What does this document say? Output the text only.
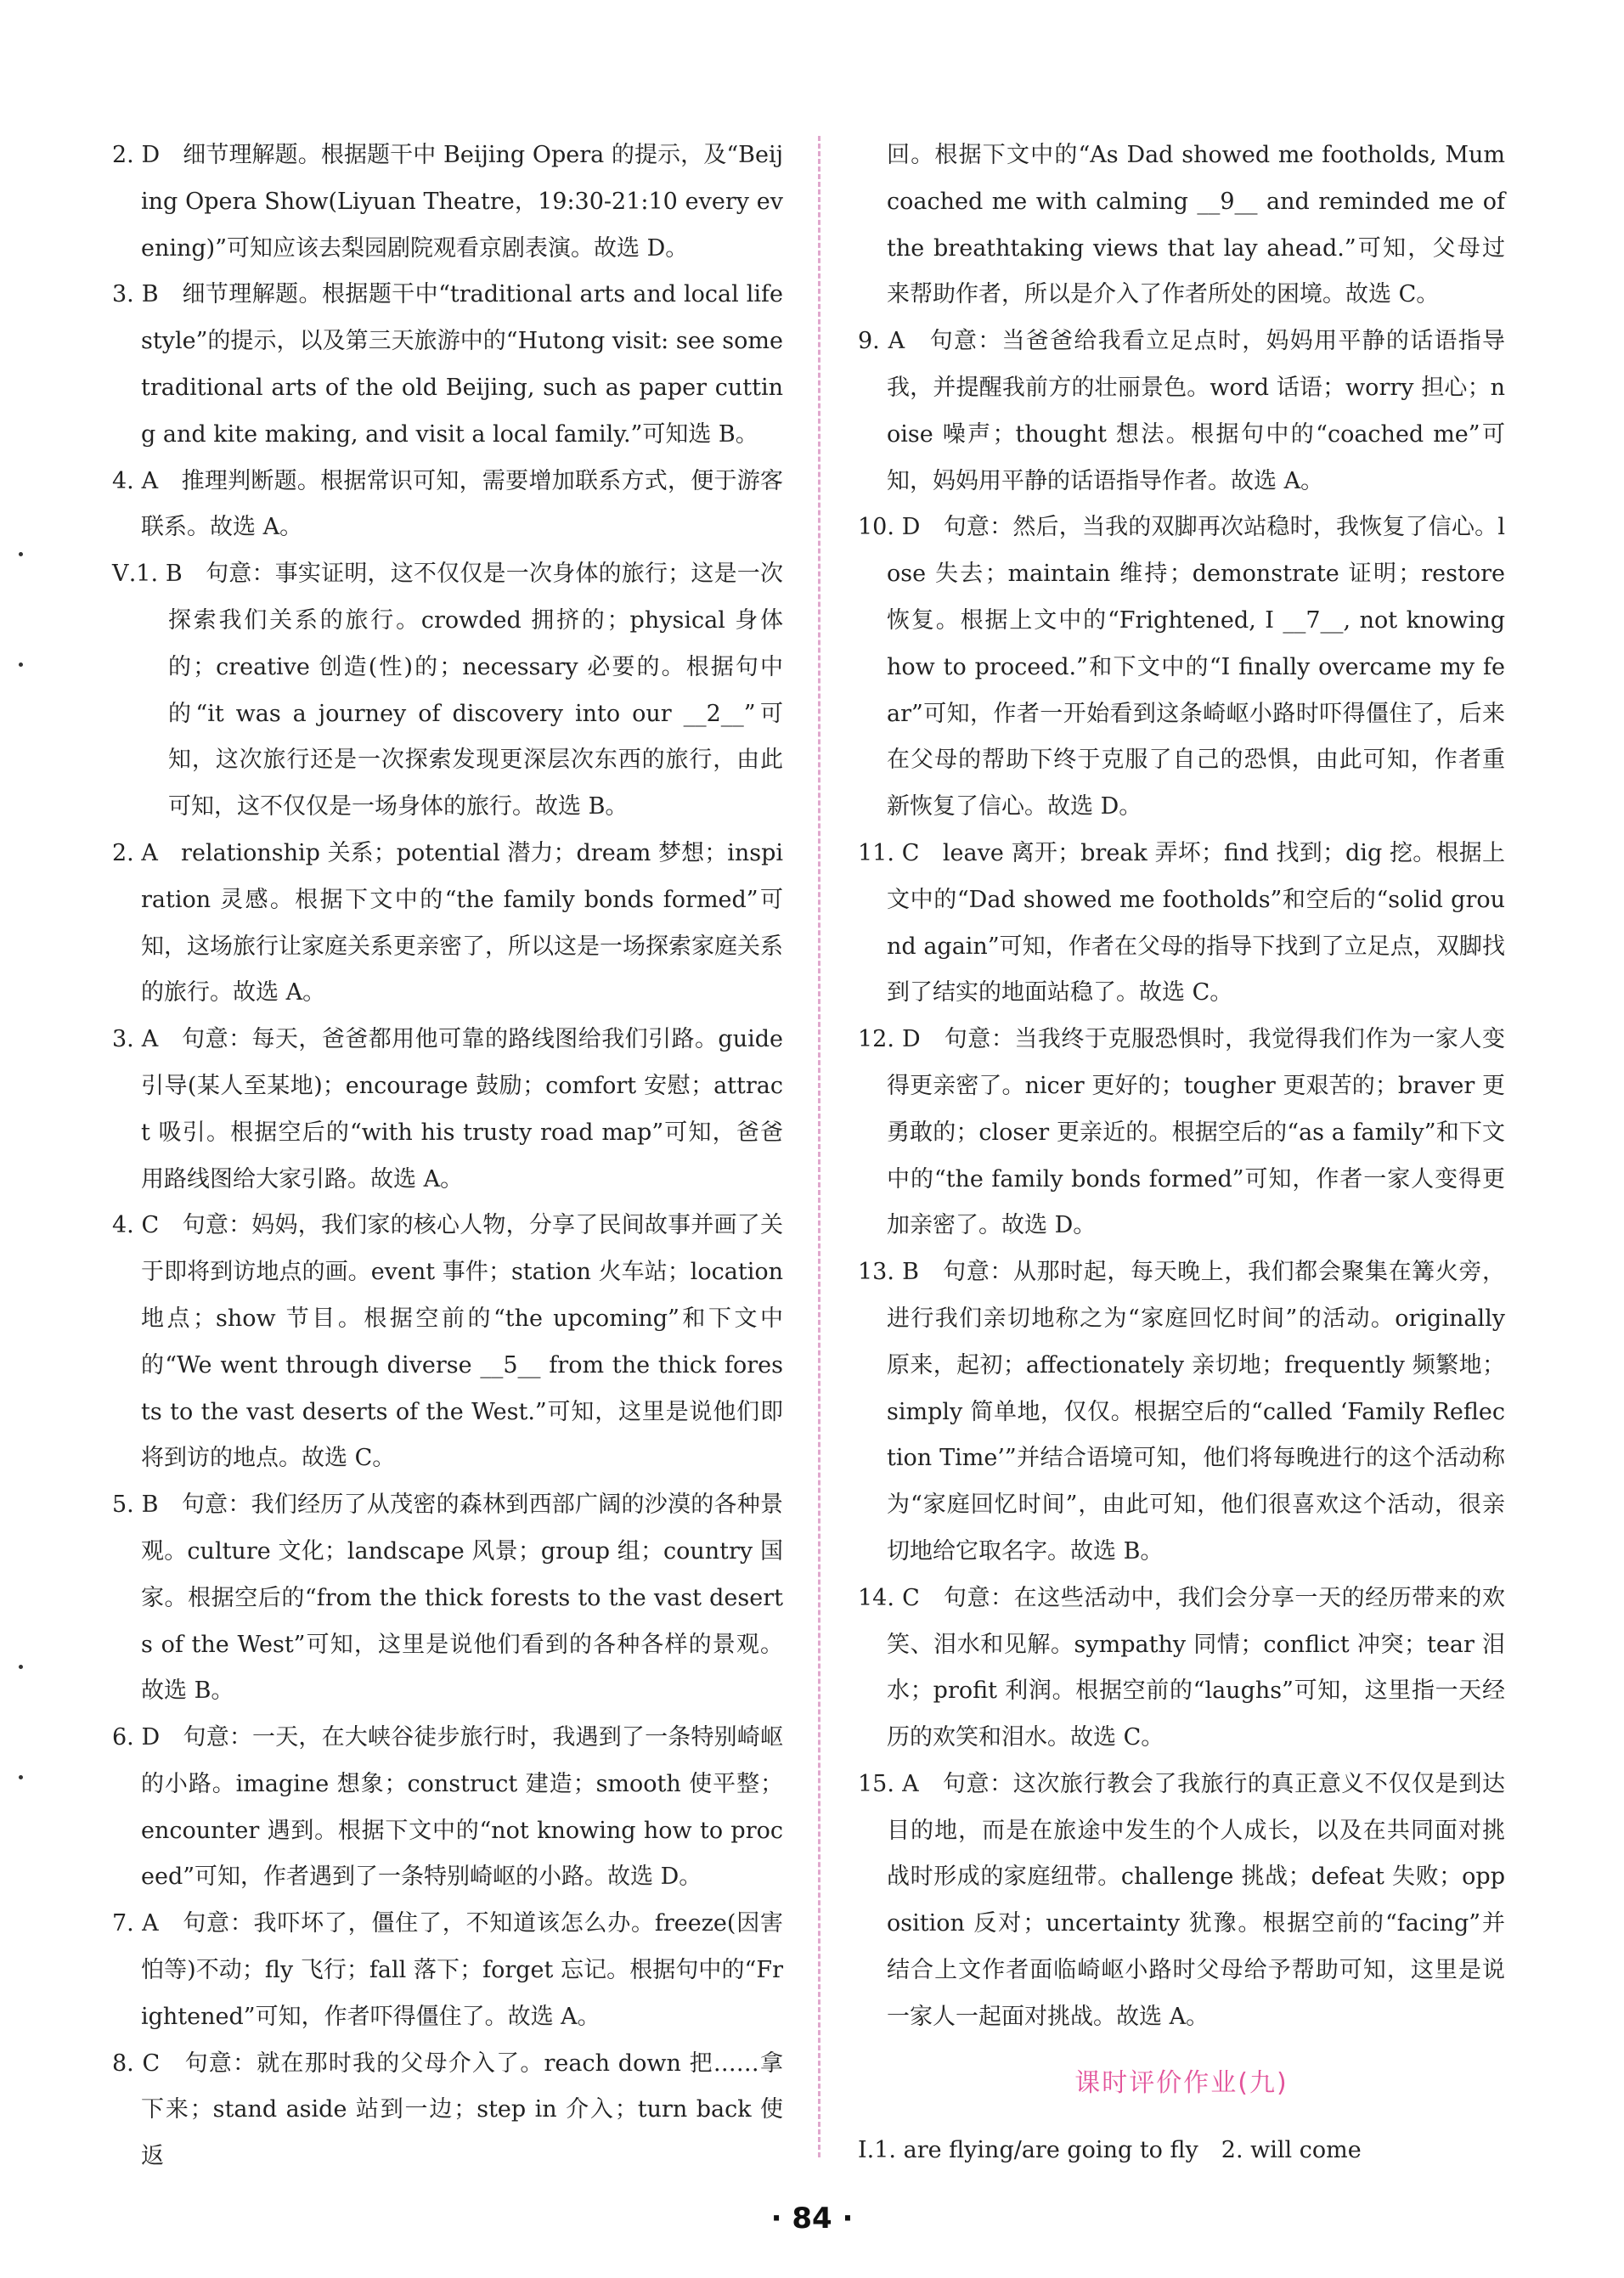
2. D　细节理解题。根据题干中 Beijing Opera 的提示，及“Beijing Opera Show(Liyuan Theatre，19:30-21:10 every evening)”可知应该去梨园剧院观看京剧表演。故选 D。

3. B　细节理解题。根据题干中“traditional arts and local lifestyle”的提示，以及第三天旅游中的“Hutong visit: see some traditional arts of the old Beijing, such as paper cutting and kite making, and visit a local family.”可知选 B。

4. A　推理判断题。根据常识可知，需要增加联系方式，便于游客联系。故选 A。

Ⅴ.1. B　句意：事实证明，这不仅仅是一次身体的旅行；这是一次探索我们关系的旅行。crowded 拥挤的；physical 身体的；creative 创造(性)的；necessary 必要的。根据句中的“it was a journey of discovery into our __2__”可知，这次旅行还是一次探索发现更深层次东西的旅行，由此可知，这不仅仅是一场身体的旅行。故选 B。

2. A　relationship 关系；potential 潜力；dream 梦想；inspiration 灵感。根据下文中的“the family bonds formed”可知，这场旅行让家庭关系更亲密了，所以这是一场探索家庭关系的旅行。故选 A。

3. A　句意：每天，爸爸都用他可靠的路线图给我们引路。guide 引导(某人至某地)；encourage 鼓励；comfort 安慰；attract 吸引。根据空后的“with his trusty road map”可知，爸爸用路线图给大家引路。故选 A。

4. C　句意：妈妈，我们家的核心人物，分享了民间故事并画了关于即将到访地点的画。event 事件；station 火车站；location 地点；show 节目。根据空前的“the upcoming”和下文中的“We went through diverse __5__ from the thick forests to the vast deserts of the West.”可知，这里是说他们即将到访的地点。故选 C。

5. B　句意：我们经历了从茂密的森林到西部广阔的沙漠的各种景观。culture 文化；landscape 风景；group 组；country 国家。根据空后的“from the thick forests to the vast deserts of the West”可知，这里是说他们看到的各种各样的景观。故选 B。

6. D　句意：一天，在大峡谷徒步旅行时，我遇到了一条特别崎岖的小路。imagine 想象；construct 建造；smooth 使平整；encounter 遇到。根据下文中的“not knowing how to proceed”可知，作者遇到了一条特别崎岖的小路。故选 D。

7. A　句意：我吓坏了，僵住了，不知道该怎么办。freeze(因害怕等)不动；fly 飞行；fall 落下；forget 忘记。根据句中的“Frightened”可知，作者吓得僵住了。故选 A。

8. C　句意：就在那时我的父母介入了。reach down 把……拿下来；stand aside 站到一边；step in 介入；turn back 使返

回。根据下文中的“As Dad showed me footholds, Mum coached me with calming __9__ and reminded me of the breathtaking views that lay ahead.”可知，父母过来帮助作者，所以是介入了作者所处的困境。故选 C。

9. A　句意：当爸爸给我看立足点时，妈妈用平静的话语指导我，并提醒我前方的壮丽景色。word 话语；worry 担心；noise 噪声；thought 想法。根据句中的“coached me”可知，妈妈用平静的话语指导作者。故选 A。

10. D　句意：然后，当我的双脚再次站稳时，我恢复了信心。lose 失去；maintain 维持；demonstrate 证明；restore 恢复。根据上文中的“Frightened, I __7__, not knowing how to proceed.”和下文中的“I finally overcame my fear”可知，作者一开始看到这条崎岖小路时吓得僵住了，后来在父母的帮助下终于克服了自己的恐惧，由此可知，作者重新恢复了信心。故选 D。

11. C　leave 离开；break 弄坏；find 找到；dig 挖。根据上文中的“Dad showed me footholds”和空后的“solid ground again”可知，作者在父母的指导下找到了立足点，双脚找到了结实的地面站稳了。故选 C。

12. D　句意：当我终于克服恐惧时，我觉得我们作为一家人变得更亲密了。nicer 更好的；tougher 更艰苦的；braver 更勇敢的；closer 更亲近的。根据空后的“as a family”和下文中的“the family bonds formed”可知，作者一家人变得更加亲密了。故选 D。

13. B　句意：从那时起，每天晚上，我们都会聚集在篝火旁，进行我们亲切地称之为“家庭回忆时间”的活动。originally 原来，起初；affectionately 亲切地；frequently 频繁地；simply 简单地，仅仅。根据空后的“called ‘Family Reflection Time’”并结合语境可知，他们将每晚进行的这个活动称为“家庭回忆时间”，由此可知，他们很喜欢这个活动，很亲切地给它取名字。故选 B。

14. C　句意：在这些活动中，我们会分享一天的经历带来的欢笑、泪水和见解。sympathy 同情；conflict 冲突；tear 泪水；profit 利润。根据空前的“laughs”可知，这里指一天经历的欢笑和泪水。故选 C。

15. A　句意：这次旅行教会了我旅行的真正意义不仅仅是到达目的地，而是在旅途中发生的个人成长，以及在共同面对挑战时形成的家庭纽带。challenge 挑战；defeat 失败；opposition 反对；uncertainty 犹豫。根据空前的“facing”并结合上文作者面临崎岖小路时父母给予帮助可知，这里是说一家人一起面对挑战。故选 A。

课时评价作业(九)

Ⅰ.1. are flying/are going to fly　2. will come

· 84 ·
